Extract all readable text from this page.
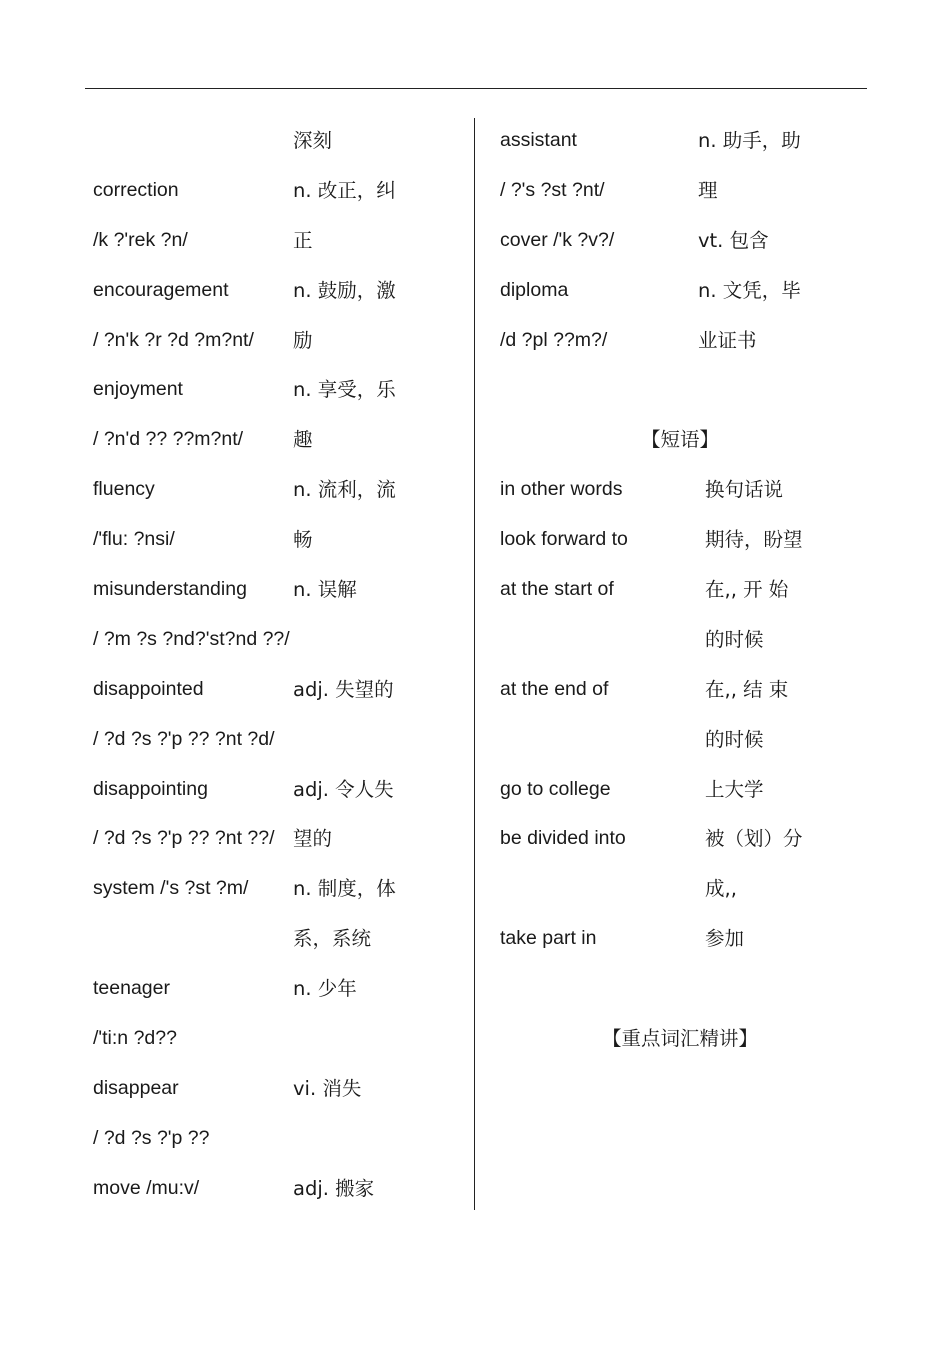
深刻
correction	n. 改正，纠
/k ?'rek ?n/	正
encouragement	n. 鼓励，激
/ ?n'k ?r ?d ?m?nt/ 励
enjoyment	n. 享受，乐
/ ?n'd ?? ??m?nt/	趣
fluency	n. 流利，流
/'flu: ?nsi/	畅
misunderstanding n. 误解
/ ?m ?s ?nd?'st?nd ??/
disappointed	adj. 失望的
/ ?d ?s ?'p ?? ?nt ?d/
disappointing	adj. 令人失
/ ?d ?s ?'p ?? ?nt ??/ 望的
system /'s ?st ?m/ n. 制度，体
系，系统
teenager	n. 少年
/'ti:n ?d??
disappear	vi. 消失
/ ?d ?s ?'p ??
move /mu:v/	adj. 搬家
assistant	n. 助手，助
/ ?'s ?st ?nt/	理
cover /'k ?v?/	vt. 包含
diploma	n. 文凭，毕
/d ?pl ??m?/	业证书
【短语】
in other words	换句话说
look forward to	期待，盼望
at the start of	在,, 开 始
的时候
at the end of	在,, 结 束
的时候
go to college	上大学
be divided into	被（划）分
成,,
take part in	参加
【重点词汇精讲】
